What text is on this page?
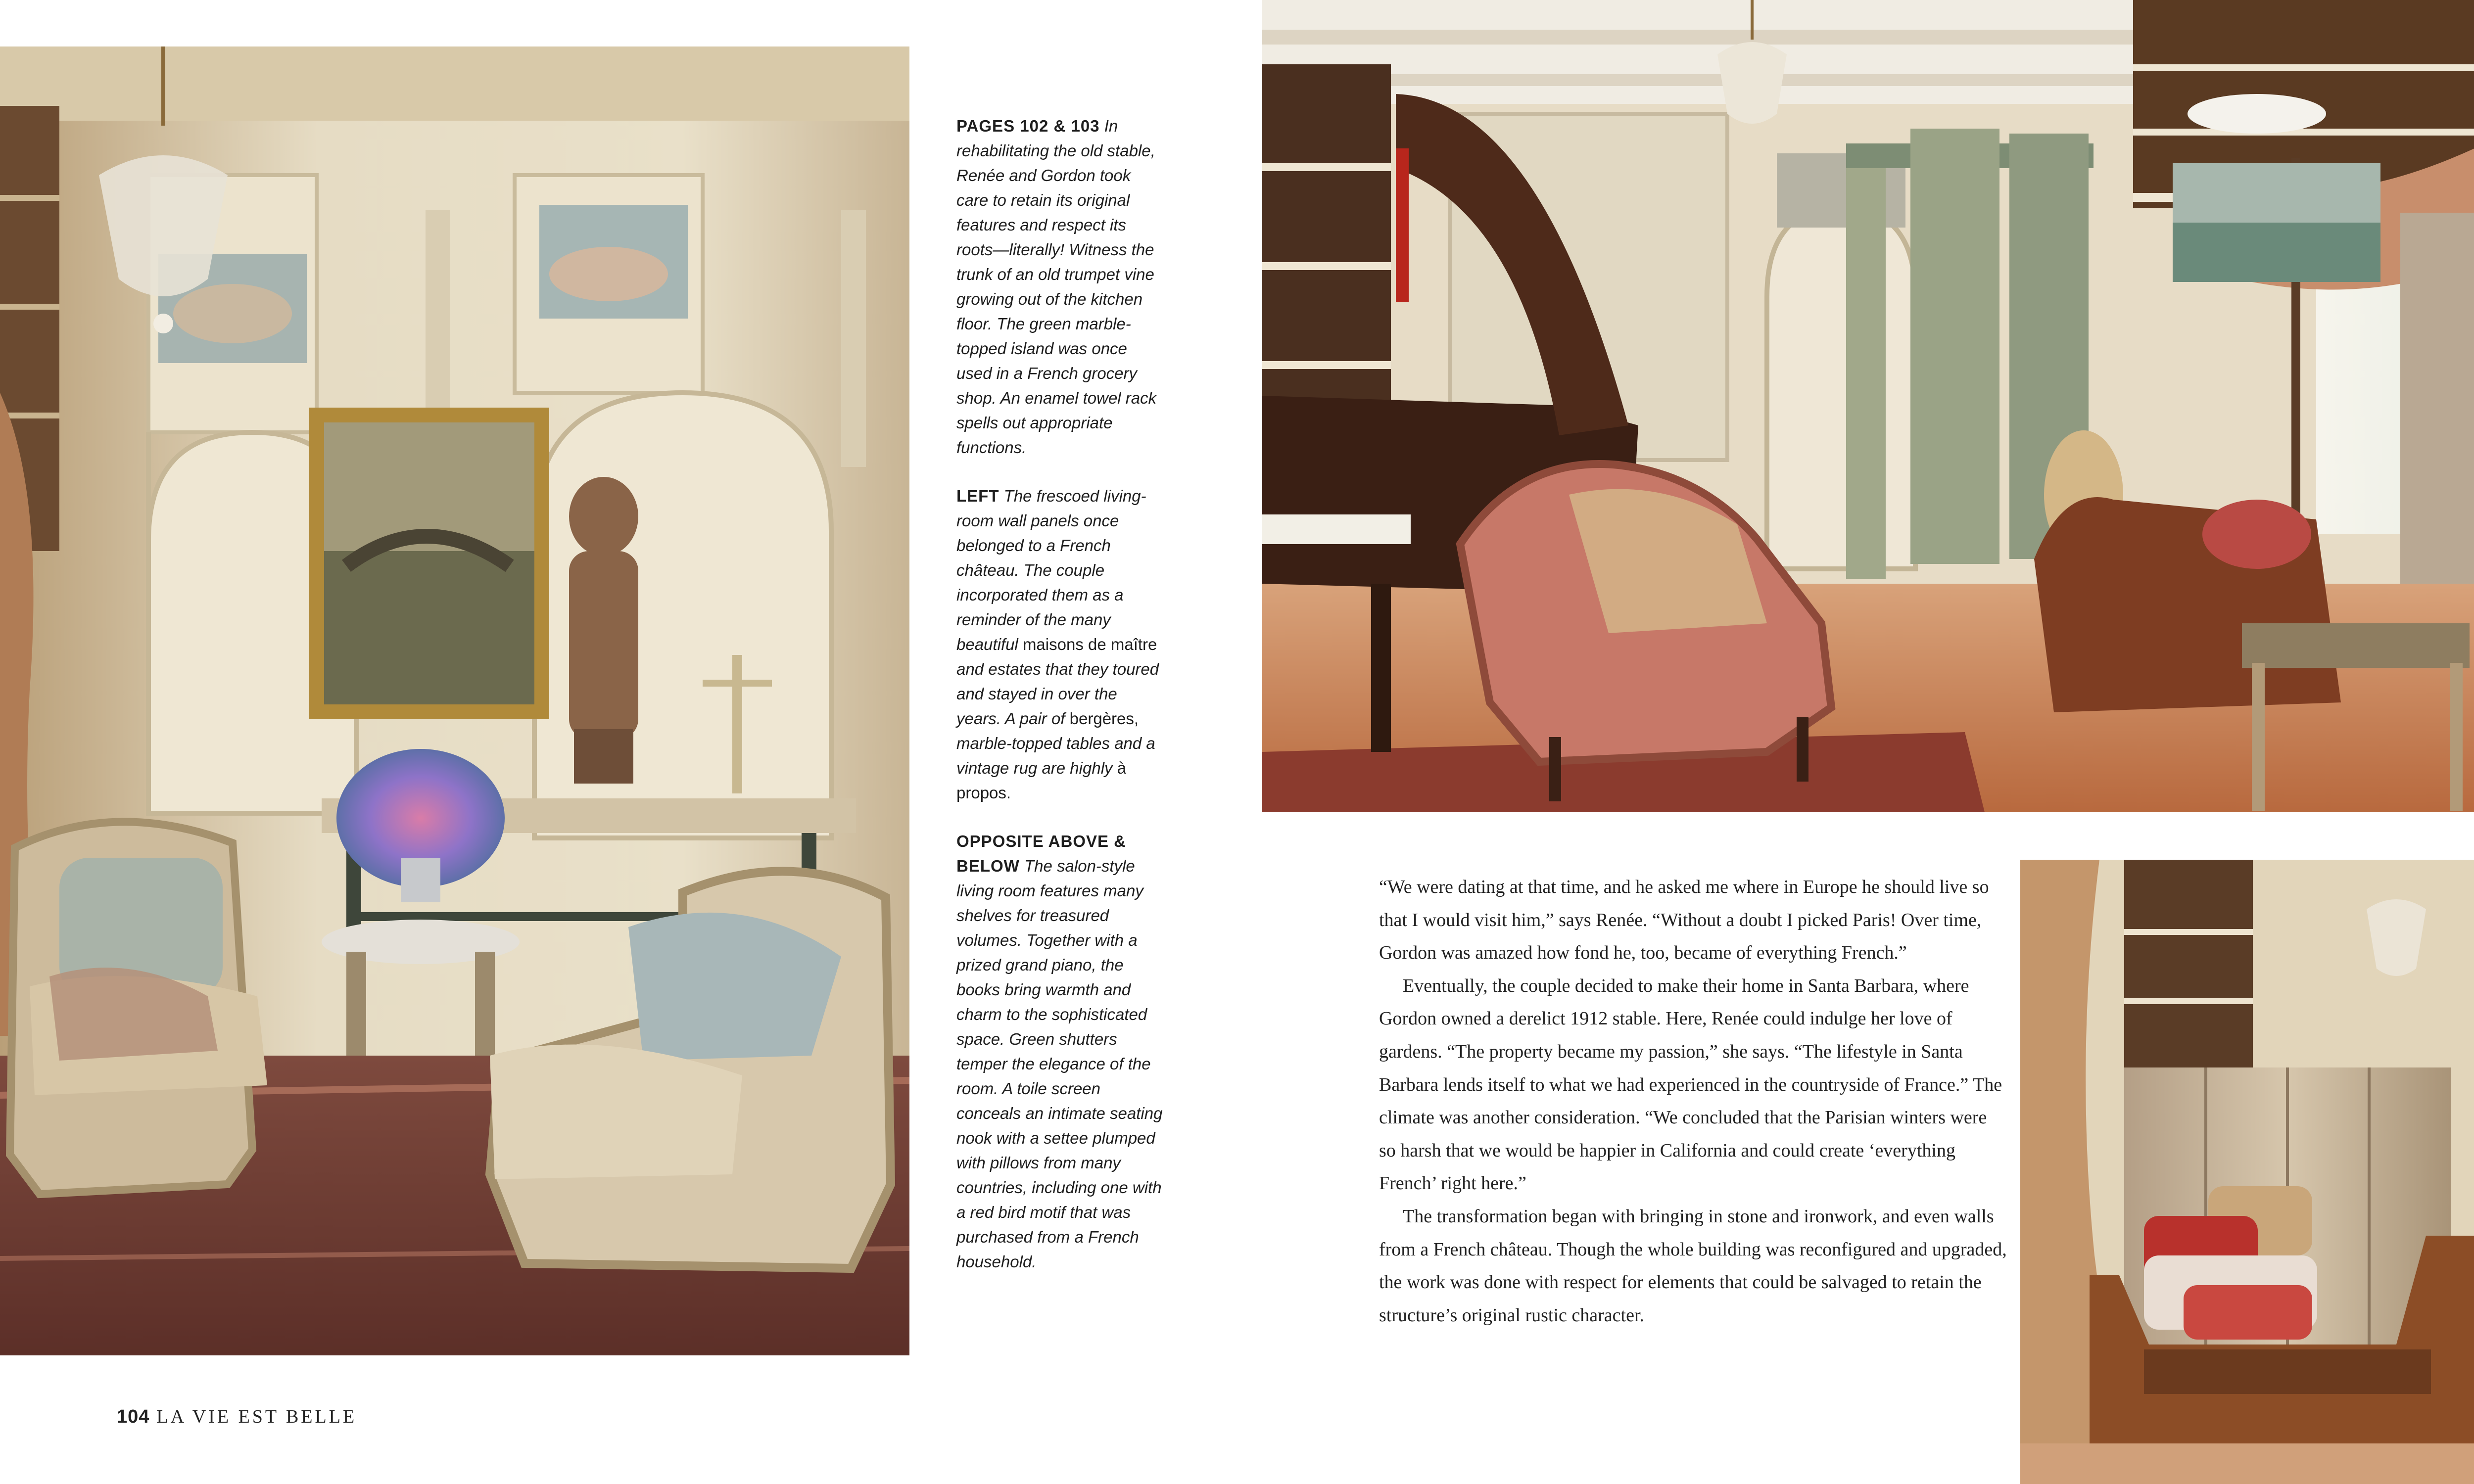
PAGES 102 & 103 In rehabilitating the old stable, Renée and Gordon took care to retain its original features and respect its roots—literally! Witness the trunk of an old trumpet vine growing out of the kitchen floor. The green marble-topped island was once used in a French grocery shop. An enamel towel rack spells out appropriate functions.

LEFT The frescoed living-room wall panels once belonged to a French château. The couple incorporated them as a reminder of the many beautiful maisons de maître and estates that they toured and stayed in over the years. A pair of bergères, marble-topped tables and a vintage rug are highly à propos.

OPPOSITE ABOVE & BELOW The salon-style living room features many shelves for treasured volumes. Together with a prized grand piano, the books bring warmth and charm to the sophisticated space. Green shutters temper the elegance of the room. A toile screen conceals an intimate seating nook with a settee plumped with pillows from many countries, including one with a red bird motif that was purchased from a French household.

“We were dating at that time, and he asked me where in Europe he should live so that I would visit him,” says Renée. “Without a doubt I picked Paris! Over time, Gordon was amazed how fond he, too, became of everything French.”

Eventually, the couple decided to make their home in Santa Barbara, where Gordon owned a derelict 1912 stable. Here, Renée could indulge her love of gardens. “The property became my passion,” she says. “The lifestyle in Santa Barbara lends itself to what we had experienced in the countryside of France.” The climate was another consideration. “We concluded that the Parisian winters were so harsh that we would be happier in California and could create ‘everything French’ right here.”

The transformation began with bringing in stone and ironwork, and even walls from a French château. Though the whole building was reconfigured and upgraded, the work was done with respect for elements that could be salvaged to retain the structure’s original rustic character.

104 LA VIE EST BELLE
